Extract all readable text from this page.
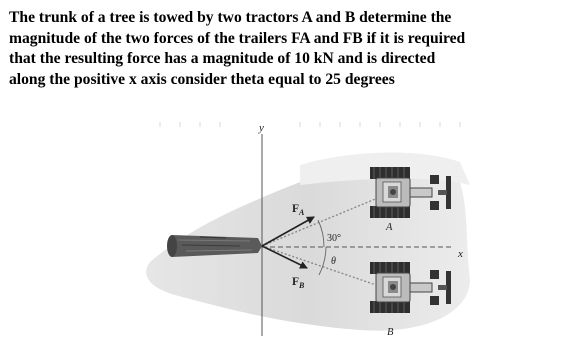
The trunk of a tree is towed by two tractors A and B determine the
magnitude of the two forces of the trailers FA and FB if it is required
that the resulting force has a magnitude of 10 kN and is directed
along the positive x axis consider theta equal to 25 degrees
y
x
$F_A$
$F_B$
30°
θ
A
B
